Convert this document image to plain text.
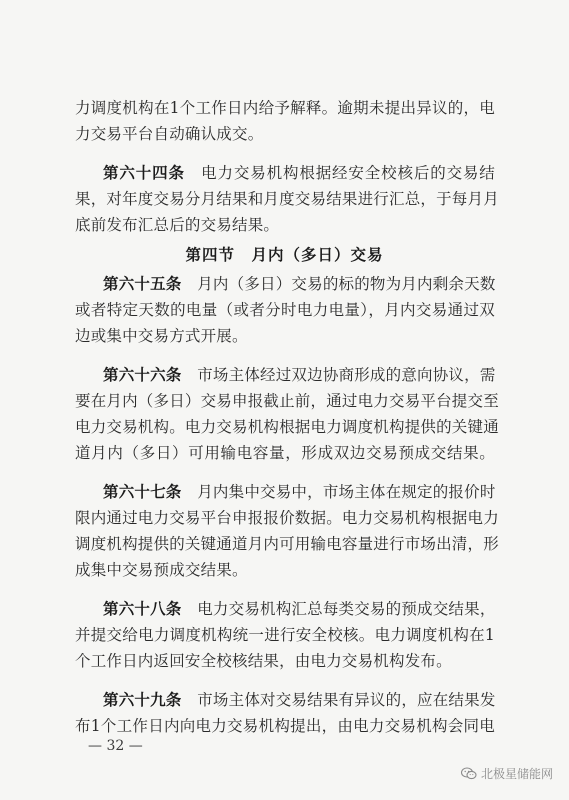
力调度机构在1个工作日内给予解释。逾期未提出异议的，电
力交易平台自动确认成交。
第六十四条　电力交易机构根据经安全校核后的交易结
果，对年度交易分月结果和月度交易结果进行汇总，于每月月
底前发布汇总后的交易结果。
第六十五条　月内（多日）交易的标的物为月内剩余天数
或者特定天数的电量（或者分时电力电量），月内交易通过双
边或集中交易方式开展。
第六十六条　市场主体经过双边协商形成的意向协议，需
要在月内（多日）交易申报截止前，通过电力交易平台提交至
电力交易机构。电力交易机构根据电力调度机构提供的关键通
道月内（多日）可用输电容量，形成双边交易预成交结果。
第六十七条　月内集中交易中，市场主体在规定的报价时
限内通过电力交易平台申报报价数据。电力交易机构根据电力
调度机构提供的关键通道月内可用输电容量进行市场出清，形
成集中交易预成交结果。
第六十八条　电力交易机构汇总每类交易的预成交结果，
并提交给电力调度机构统一进行安全校核。电力调度机构在1
个工作日内返回安全校核结果，由电力交易机构发布。
第六十九条　市场主体对交易结果有异议的，应在结果发
布1个工作日内向电力交易机构提出，由电力交易机构会同电
第四节　月内（多日）交易
— 32 —
北极星储能网
